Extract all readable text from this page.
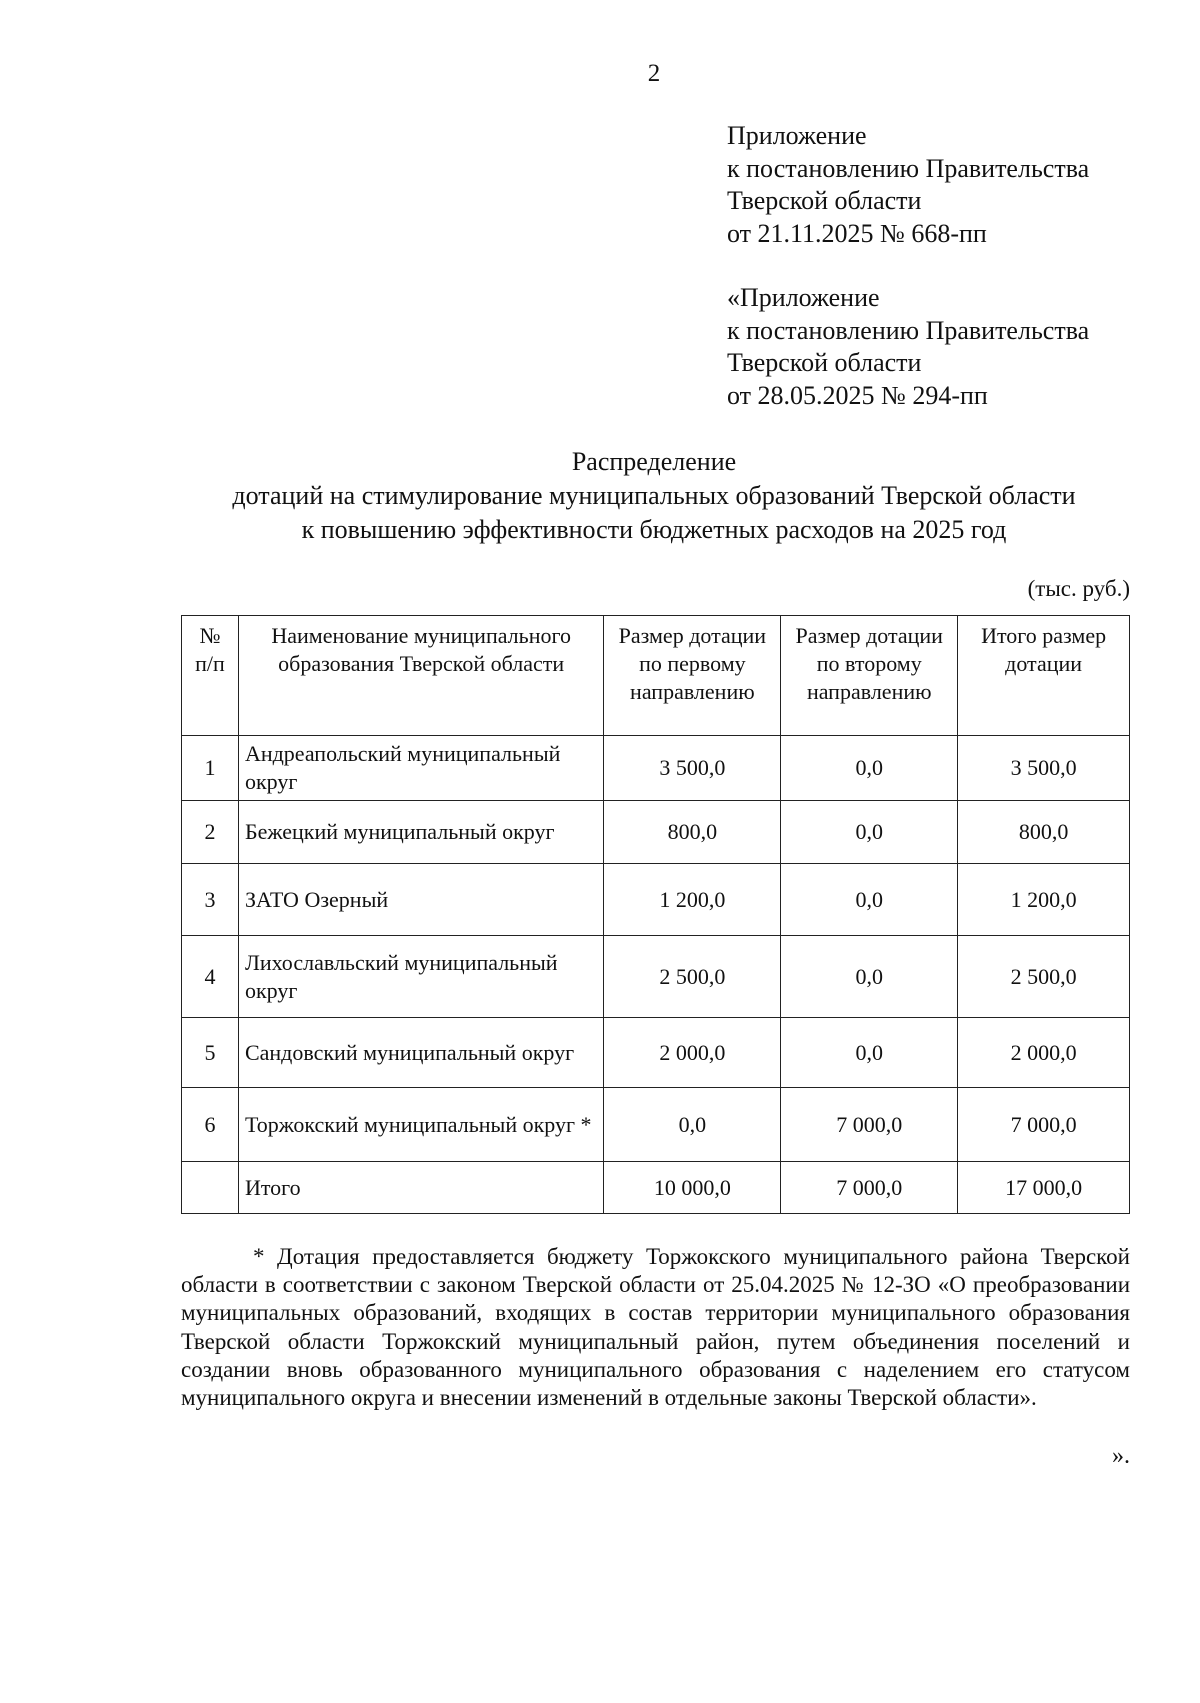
2
Приложение
к постановлению Правительства
Тверской области
от 21.11.2025 № 668-пп
«Приложение
к постановлению Правительства
Тверской области
от 28.05.2025 № 294-пп
Распределение
дотаций на стимулирование муниципальных образований Тверской области
к повышению эффективности бюджетных расходов на 2025 год
(тыс. руб.)
№ п/п	Наименование муниципального образования Тверской области	Размер дотации по первому направлению	Размер дотации по второму направлению	Итого размер дотации
1	Андреапольский муниципальный округ	3 500,0	0,0	3 500,0
2	Бежецкий муниципальный округ	800,0	0,0	800,0
3	ЗАТО Озерный	1 200,0	0,0	1 200,0
4	Лихославльский муниципальный округ	2 500,0	0,0	2 500,0
5	Сандовский муниципальный округ	2 000,0	0,0	2 000,0
6	Торжокский муниципальный округ *	0,0	7 000,0	7 000,0
	Итого	10 000,0	7 000,0	17 000,0

* Дотация предоставляется бюджету Торжокского муниципального района Тверской области в соответствии с законом Тверской области от 25.04.2025 № 12-ЗО «О преобразовании муниципальных образований, входящих в состав территории муниципального образования Тверской области Торжокский муниципальный район, путем объединения поселений и создании вновь образованного муниципального образования с наделением его статусом муниципального округа и внесении изменений в отдельные законы Тверской области».

».
